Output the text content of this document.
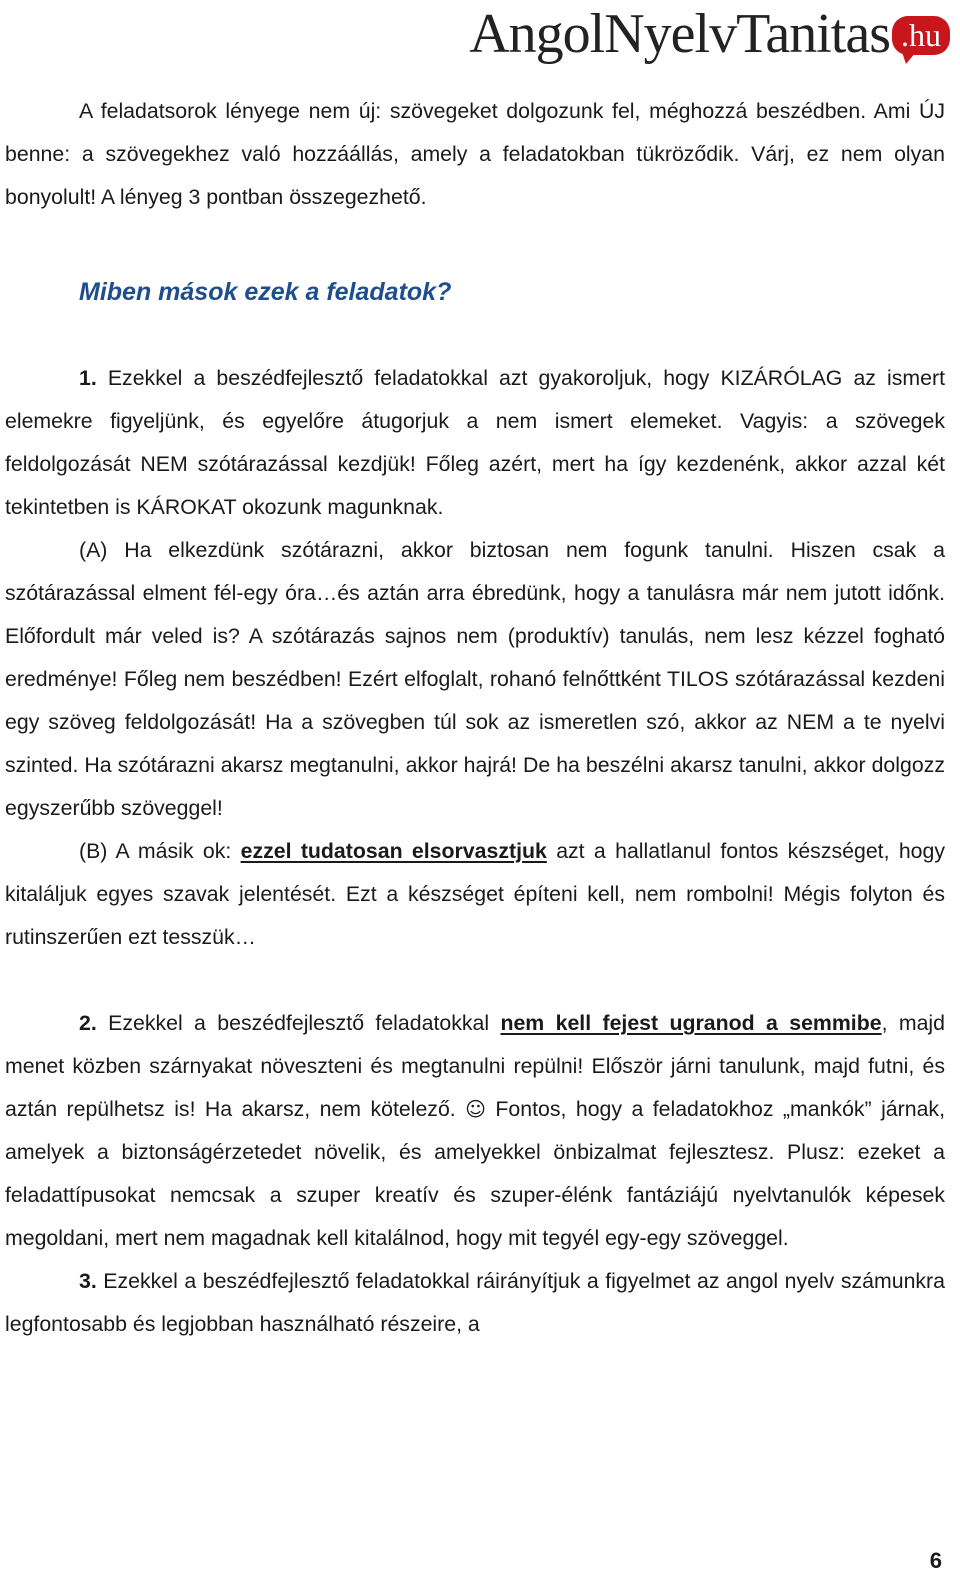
AngolNyelvTanitas .hu

A feladatsorok lényege nem új: szövegeket dolgozunk fel, méghozzá beszédben. Ami ÚJ benne: a szövegekhez való hozzáállás, amely a feladatokban tükröződik. Várj, ez nem olyan bonyolult! A lényeg 3 pontban összegezhető.

Miben mások ezek a feladatok?

1. Ezekkel a beszédfejlesztő feladatokkal azt gyakoroljuk, hogy KIZÁRÓLAG az ismert elemekre figyeljünk, és egyelőre átugorjuk a nem ismert elemeket. Vagyis: a szövegek feldolgozását NEM szótárazással kezdjük! Főleg azért, mert ha így kezdenénk, akkor azzal két tekintetben is KÁROKAT okozunk magunknak.

(A) Ha elkezdünk szótárazni, akkor biztosan nem fogunk tanulni. Hiszen csak a szótárazással elment fél-egy óra…és aztán arra ébredünk, hogy a tanulásra már nem jutott időnk. Előfordult már veled is? A szótárazás sajnos nem (produktív) tanulás, nem lesz kézzel fogható eredménye! Főleg nem beszédben! Ezért elfoglalt, rohanó felnőttként TILOS szótárazással kezdeni egy szöveg feldolgozását! Ha a szövegben túl sok az ismeretlen szó, akkor az NEM a te nyelvi szinted. Ha szótárazni akarsz megtanulni, akkor hajrá! De ha beszélni akarsz tanulni, akkor dolgozz egyszerűbb szöveggel!

(B) A másik ok: ezzel tudatosan elsorvasztjuk azt a hallatlanul fontos készséget, hogy kitaláljuk egyes szavak jelentését. Ezt a készséget építeni kell, nem rombolni! Mégis folyton és rutinszerűen ezt tesszük…

2. Ezekkel a beszédfejlesztő feladatokkal nem kell fejest ugranod a semmibe, majd menet közben szárnyakat növeszteni és megtanulni repülni! Először járni tanulunk, majd futni, és aztán repülhetsz is! Ha akarsz, nem kötelező. ☺ Fontos, hogy a feladatokhoz „mankók” járnak, amelyek a biztonságérzetedet növelik, és amelyekkel önbizalmat fejlesztesz. Plusz: ezeket a feladattípusokat nemcsak a szuper kreatív és szuper-élénk fantáziájú nyelvtanulók képesek megoldani, mert nem magadnak kell kitalálnod, hogy mit tegyél egy-egy szöveggel.

3. Ezekkel a beszédfejlesztő feladatokkal ráirányítjuk a figyelmet az angol nyelv számunkra legfontosabb és legjobban használható részeire, a

6
